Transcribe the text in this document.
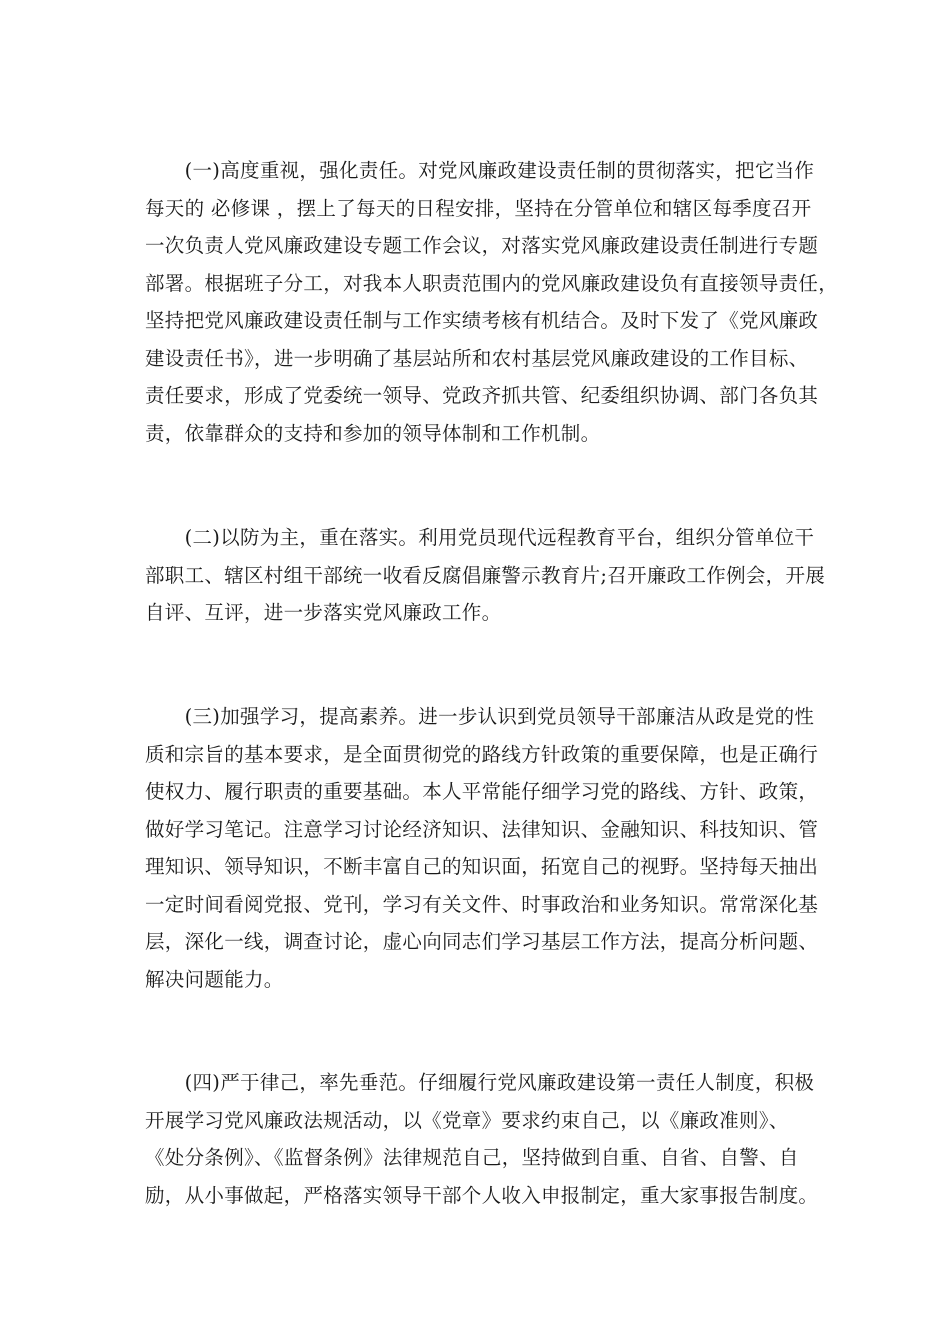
　　(一)高度重视，强化责任。对党风廉政建设责任制的贯彻落实，把它当作
每天的 必修课 ，摆上了每天的日程安排，坚持在分管单位和辖区每季度召开
一次负责人党风廉政建设专题工作会议，对落实党风廉政建设责任制进行专题
部署。根据班子分工，对我本人职责范围内的党风廉政建设负有直接领导责任，
坚持把党风廉政建设责任制与工作实绩考核有机结合。及时下发了《党风廉政
建设责任书》，进一步明确了基层站所和农村基层党风廉政建设的工作目标、
责任要求，形成了党委统一领导、党政齐抓共管、纪委组织协调、部门各负其
责，依靠群众的支持和参加的领导体制和工作机制。
　　(二)以防为主，重在落实。利用党员现代远程教育平台，组织分管单位干
部职工、辖区村组干部统一收看反腐倡廉警示教育片;召开廉政工作例会，开展
自评、互评，进一步落实党风廉政工作。
　　(三)加强学习，提高素养。进一步认识到党员领导干部廉洁从政是党的性
质和宗旨的基本要求，是全面贯彻党的路线方针政策的重要保障，也是正确行
使权力、履行职责的重要基础。本人平常能仔细学习党的路线、方针、政策，
做好学习笔记。注意学习讨论经济知识、法律知识、金融知识、科技知识、管
理知识、领导知识，不断丰富自己的知识面，拓宽自己的视野。坚持每天抽出
一定时间看阅党报、党刊，学习有关文件、时事政治和业务知识。常常深化基
层，深化一线，调查讨论，虚心向同志们学习基层工作方法，提高分析问题、
解决问题能力。
　　(四)严于律己，率先垂范。仔细履行党风廉政建设第一责任人制度，积极
开展学习党风廉政法规活动，以《党章》要求约束自己，以《廉政准则》、
《处分条例》、《监督条例》法律规范自己，坚持做到自重、自省、自警、自
励，从小事做起，严格落实领导干部个人收入申报制定，重大家事报告制度。
